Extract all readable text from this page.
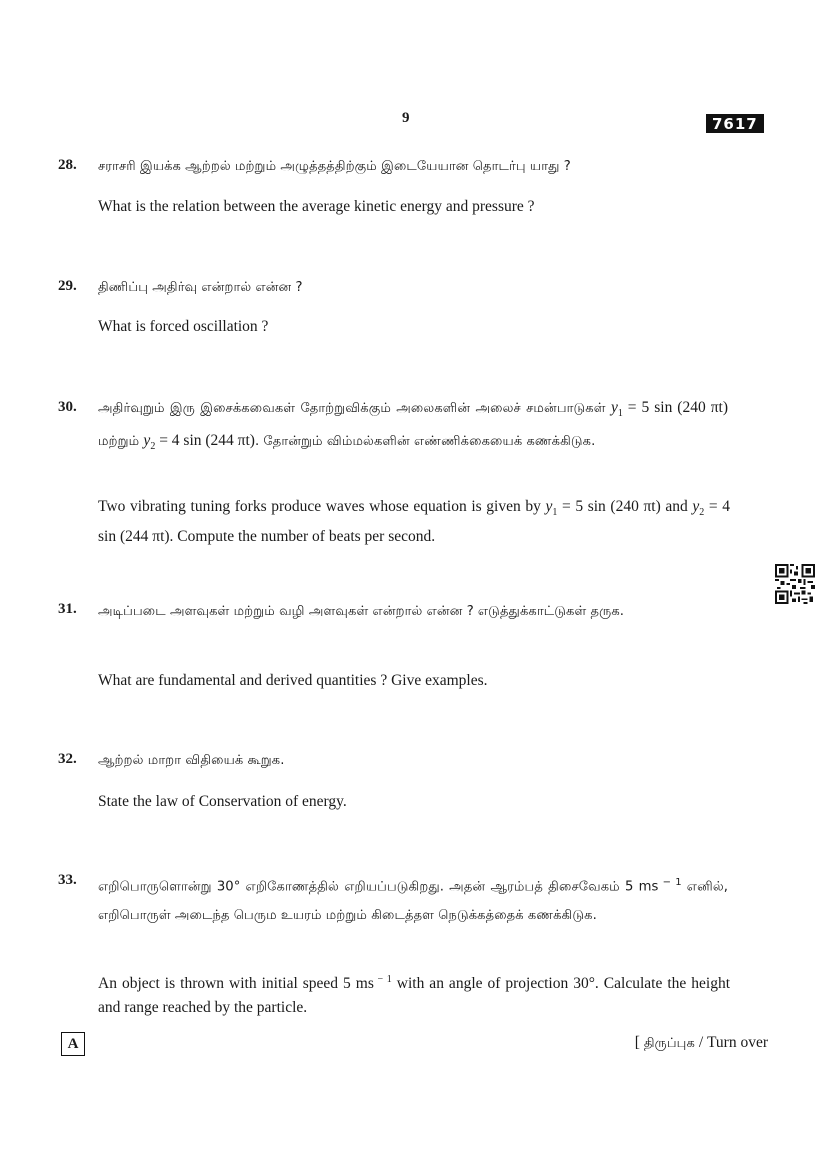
9	7617
28. சராசரி இயக்க ஆற்றல் மற்றும் அழுத்தத்திற்கும் இடையேயான தொடர்பு யாது ?
What is the relation between the average kinetic energy and pressure ?
29. திணிப்பு அதிர்வு என்றால் என்ன ?
What is forced oscillation ?
30. அதிர்வுறும் இரு இசைக்கவைகள் தோற்றுவிக்கும் அலைகளின் அலைச் சமன்பாடுகள் $y_1 = 5$ sin (240 πt) மற்றும் $y_2 = 4$ sin (244 πt). தோன்றும் விம்மல்களின் எண்ணிக்கையைக் கணக்கிடுக.
Two vibrating tuning forks produce waves whose equation is given by $y_1 = 5$ sin (240 πt) and $y_2 = 4$ sin (244 πt). Compute the number of beats per second.
31. அடிப்படை அளவுகள் மற்றும் வழி அளவுகள் என்றால் என்ன ? எடுத்துக்காட்டுகள் தருக.
What are fundamental and derived quantities ? Give examples.
32. ஆற்றல் மாறா விதியைக் கூறுக.
State the law of Conservation of energy.
33. எறிபொருளொன்று 30° எறிகோணத்தில் எறியப்படுகிறது. அதன் ஆரம்பத் திசைவேகம் 5 ms $^{- 1}$ எனில், எறிபொருள் அடைந்த பெரும உயரம் மற்றும் கிடைத்தள நெடுக்கத்தைக் கணக்கிடுக.
An object is thrown with initial speed 5 ms $^{- 1}$ with an angle of projection 30°. Calculate the height and range reached by the particle.
A	[ திருப்புக / Turn over
